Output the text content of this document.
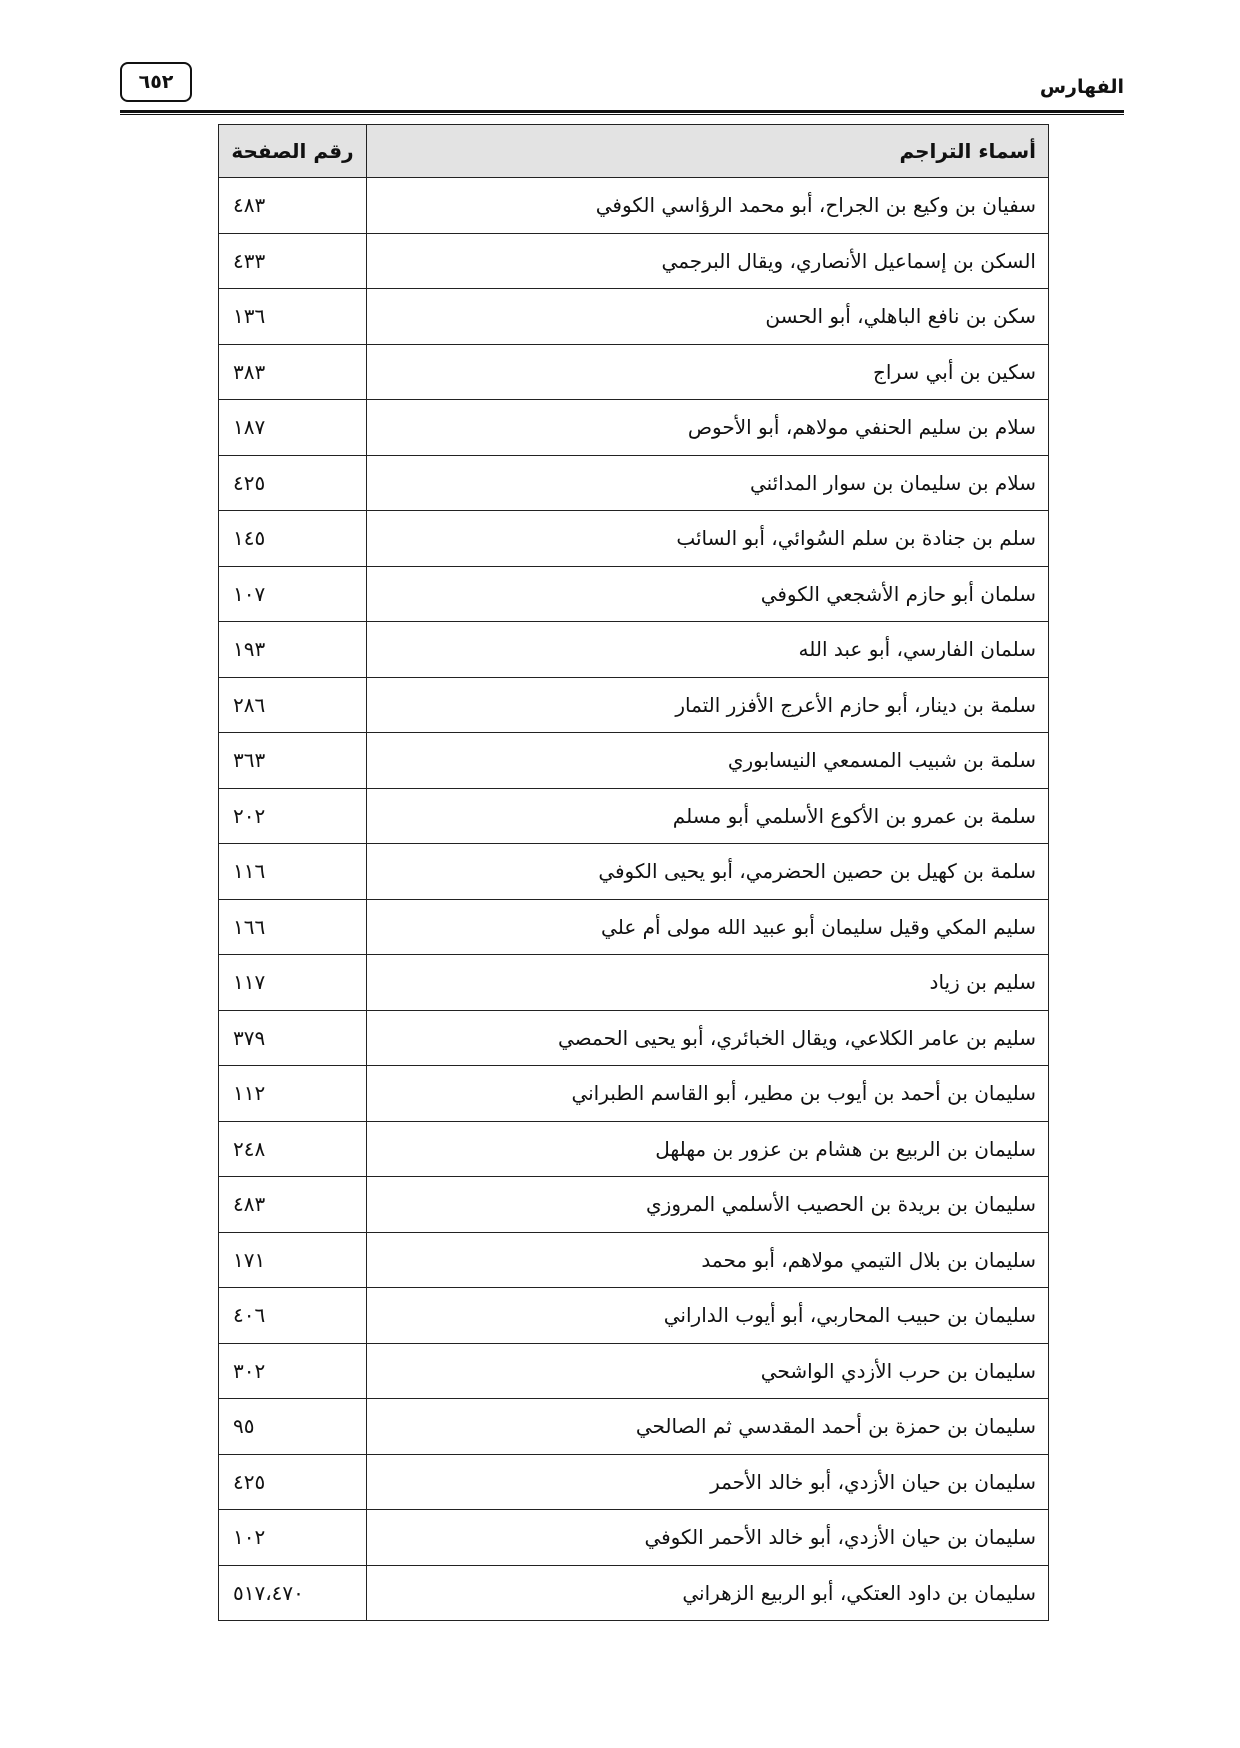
الفهارس
٦٥٢
أسماء التراجم	رقم الصفحة
سفيان بن وكيع بن الجراح، أبو محمد الرؤاسي الكوفي	٤٨٣
السكن بن إسماعيل الأنصاري، ويقال البرجمي	٤٣٣
سكن بن نافع الباهلي، أبو الحسن	١٣٦
سكين بن أبي سراج	٣٨٣
سلام بن سليم الحنفي مولاهم، أبو الأحوص	١٨٧
سلام بن سليمان بن سوار المدائني	٤٢٥
سلم بن جنادة بن سلم السُوائي، أبو السائب	١٤٥
سلمان أبو حازم الأشجعي الكوفي	١٠٧
سلمان الفارسي، أبو عبد الله	١٩٣
سلمة بن دينار، أبو حازم الأعرج الأفزر التمار	٢٨٦
سلمة بن شبيب المسمعي النيسابوري	٣٦٣
سلمة بن عمرو بن الأكوع الأسلمي أبو مسلم	٢٠٢
سلمة بن كهيل بن حصين الحضرمي، أبو يحيى الكوفي	١١٦
سليم المكي وقيل سليمان أبو عبيد الله مولى أم علي	١٦٦
سليم بن زياد	١١٧
سليم بن عامر الكلاعي، ويقال الخبائري، أبو يحيى الحمصي	٣٧٩
سليمان بن أحمد بن أيوب بن مطير، أبو القاسم الطبراني	١١٢
سليمان بن الربيع بن هشام بن عزور بن مهلهل	٢٤٨
سليمان بن بريدة بن الحصيب الأسلمي المروزي	٤٨٣
سليمان بن بلال التيمي مولاهم، أبو محمد	١٧١
سليمان بن حبيب المحاربي، أبو أيوب الداراني	٤٠٦
سليمان بن حرب الأزدي الواشحي	٣٠٢
سليمان بن حمزة بن أحمد المقدسي ثم الصالحي	٩٥
سليمان بن حيان الأزدي، أبو خالد الأحمر	٤٢٥
سليمان بن حيان الأزدي، أبو خالد الأحمر الكوفي	١٠٢
سليمان بن داود العتكي، أبو الربيع الزهراني	٥١٧،٤٧٠
